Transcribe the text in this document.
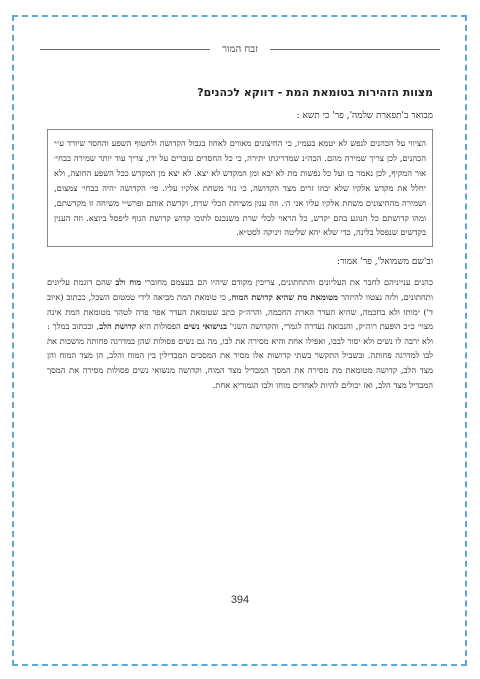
זבח המור
מצוות הזהירות בטומאת המת - דווקא לכהנים?
מבואר ב'תפארת שלמה', פר' כי תשא :
הציווי על הכהנים לנפש לא יטמא בעמיו, כי החיצונים מאווים לאחוז בגבול הקדושה ולחטוף השפע והחסד שיורד ע״י הכהנים, לכן צריך שמירה מהם. הכה״נ שמדריגתו יתירה, כי כל החסדים עוברים על ידו, צריך עוד יותר שמירה בבחי׳ אור המקיף, לכן נאמר בו ועל כל נפשות מת לא יבא ומן המקדש לא יצא. לא יצא מן המקדש ככל השפע החוצה, ולא יחלל את מקדש אלקיו שלא יבוזו זרים מצד הקדושה, כי נזר משחת אלקיו עליו. פי׳ הקדושה יהיה בבחי׳ צמצום, ושמירה מהחיצונים משחת אלקיו עליו אני ה׳. וזה ענין משיחת הכלי שרת, וקדשת אותם ופרש״י משיחה זו מקדשתם, ומהו קדושתם כל הנוגע בהם יקדש, כל הראוי לכלי שרת משנכנס לתוכו קדוש קדושת הגוף ליפסל ביוצא. וזה הענין בקדשים שנפסל בלינה, כדי שלא יהא שליטה ויניקה לסט״א.
וב'שם משמואל', פר' אמור:

כהנים ענייניהם לחבר את העליונים והתחתונים, צריכין מקודם שיהיו הם בעצמם מחוברי מוח ולב שהם דוגמת עליונים ותחתונים, ולזה נצטוו להיזהר מטומאת מת שהיא קדושת המוח, כי טומאת המת מביאה לידי טמטום השכל, ככתוב (איוב ד') ימותו ולא בחכמה, שהיא העדר הארת החכמה, והרה״ק כתב שטומאת העדר אפר פרה לטהר מטומאת המת אינה מצוי׳ כ״כ הופעת רוה״ק, והנבואה נעדרה לגמרי, והקדושה השני' בנישואי נשים הפסולות היא קדושת הלב, וככתוב במלך : ולא ירבה לו נשים ולא יסור לבבו, ואפילו אחת והיא מסירה את לבו, מה גם נשים פסולות שהן במדרגה פחותה מושכות את לבו למדרגה פחותה. ובשביל התקשר בשתי קדושות אלו מסיר את המסכים המבדילין בין המוח והלב, הן מצד המוח והן מצד הלב, קדושה מטומאת מת מסירה את המסך המבדיל מצד המוח, וקדושה מנשואי נשים פסולות מסירה את המסך המבדיל מצד הלב, ואז יכולים להיות לאחדים מוחו ולבו הגמוריא אחת.

394
